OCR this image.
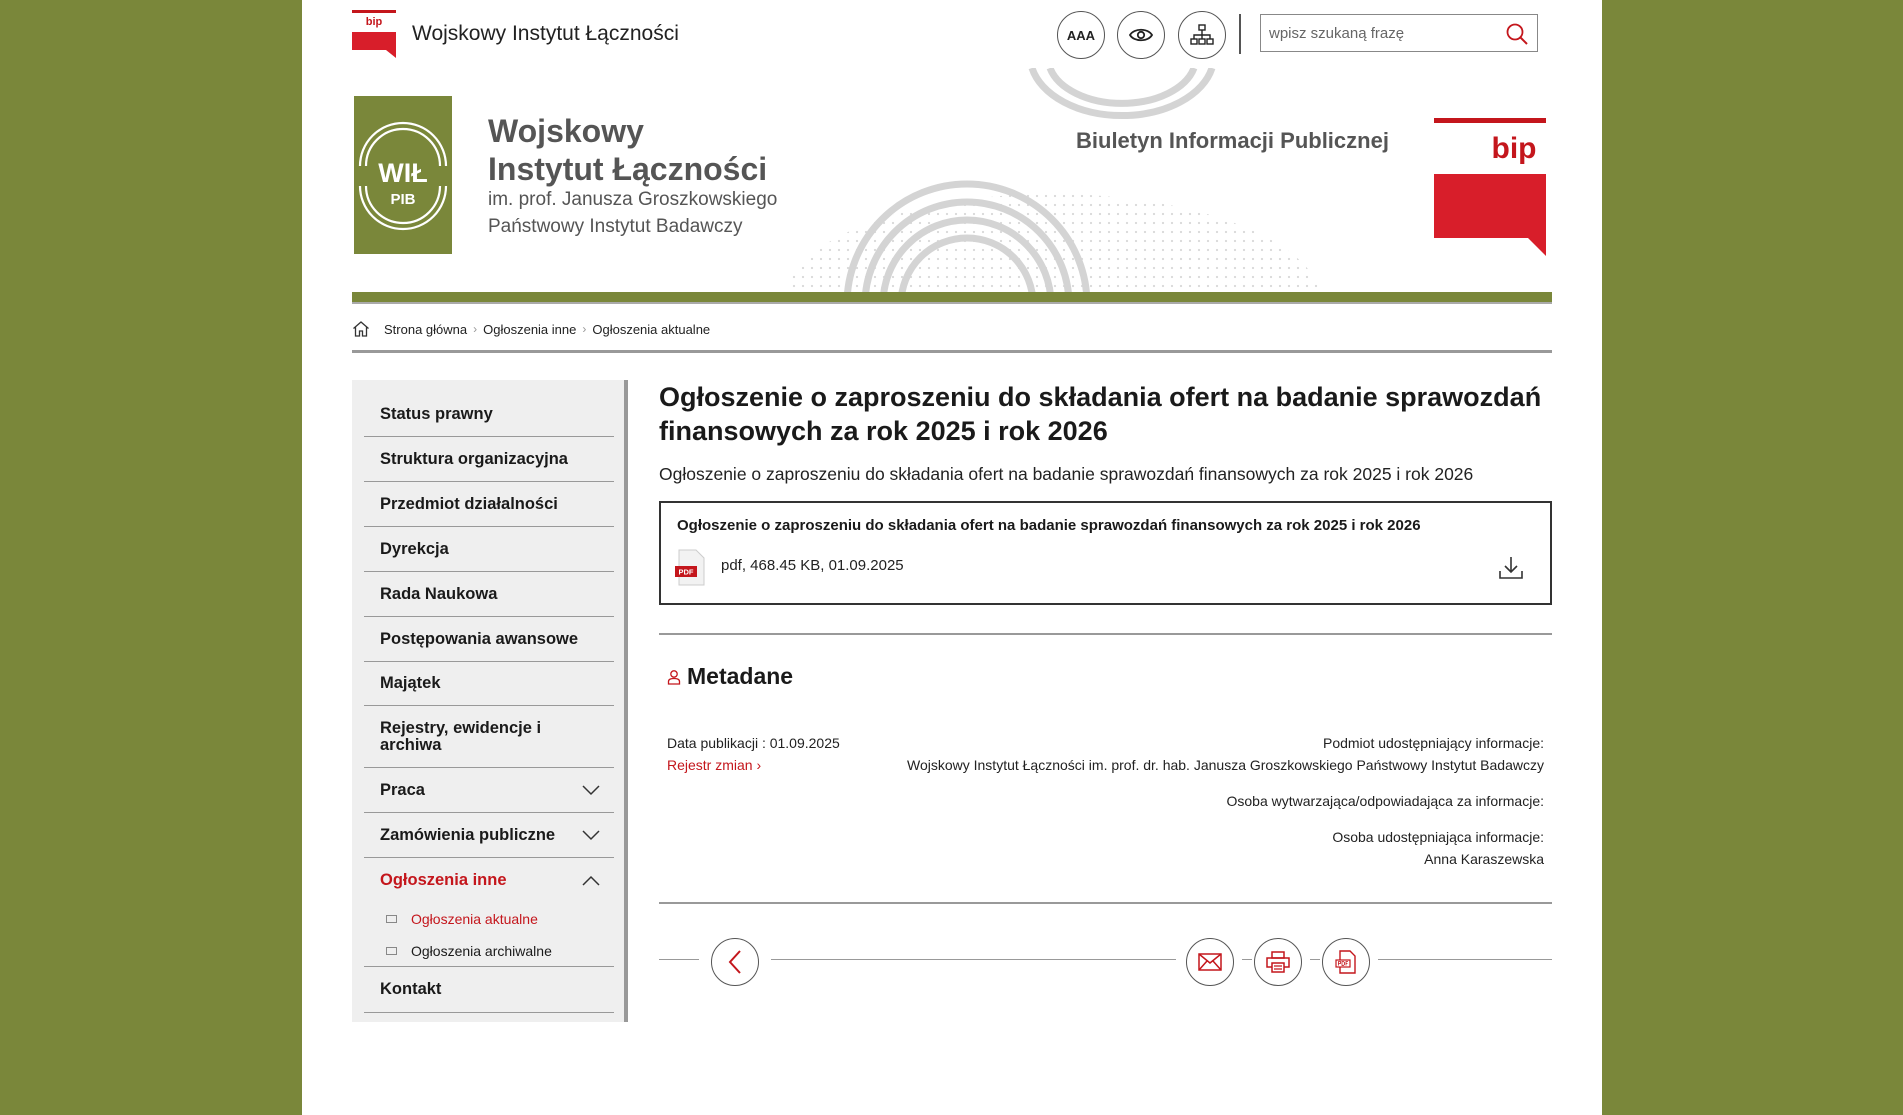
bip Wojskowy Instytut Łączności	AAA
wpisz szukaną frazę
WIŁ
PIB
Wojskowy
Instytut Łączności
im. prof. Janusza Groszkowskiego
Państwowy Instytut Badawczy
Biuletyn Informacji Publicznej	bip
Strona główna › Ogłoszenia inne › Ogłoszenia aktualne
Status prawny
Struktura organizacyjna
Przedmiot działalności
Dyrekcja
Rada Naukowa
Postępowania awansowe
Majątek
Rejestry, ewidencje i archiwa
Praca
Zamówienia publiczne
Ogłoszenia inne
Ogłoszenia aktualne
Ogłoszenia archiwalne
Kontakt
Ogłoszenie o zaproszeniu do składania ofert na badanie sprawozdań finansowych za rok 2025 i rok 2026
Ogłoszenie o zaproszeniu do składania ofert na badanie sprawozdań finansowych za rok 2025 i rok 2026
Ogłoszenie o zaproszeniu do składania ofert na badanie sprawozdań finansowych za rok 2025 i rok 2026
PDF pdf, 468.45 KB, 01.09.2025
Metadane
Data publikacji : 01.09.2025
Rejestr zmian ›
Podmiot udostępniający informacje:
Wojskowy Instytut Łączności im. prof. dr. hab. Janusza Groszkowskiego Państwowy Instytut Badawczy
Osoba wytwarzająca/odpowiadająca za informacje:
Osoba udostępniająca informacje:
Anna Karaszewska
